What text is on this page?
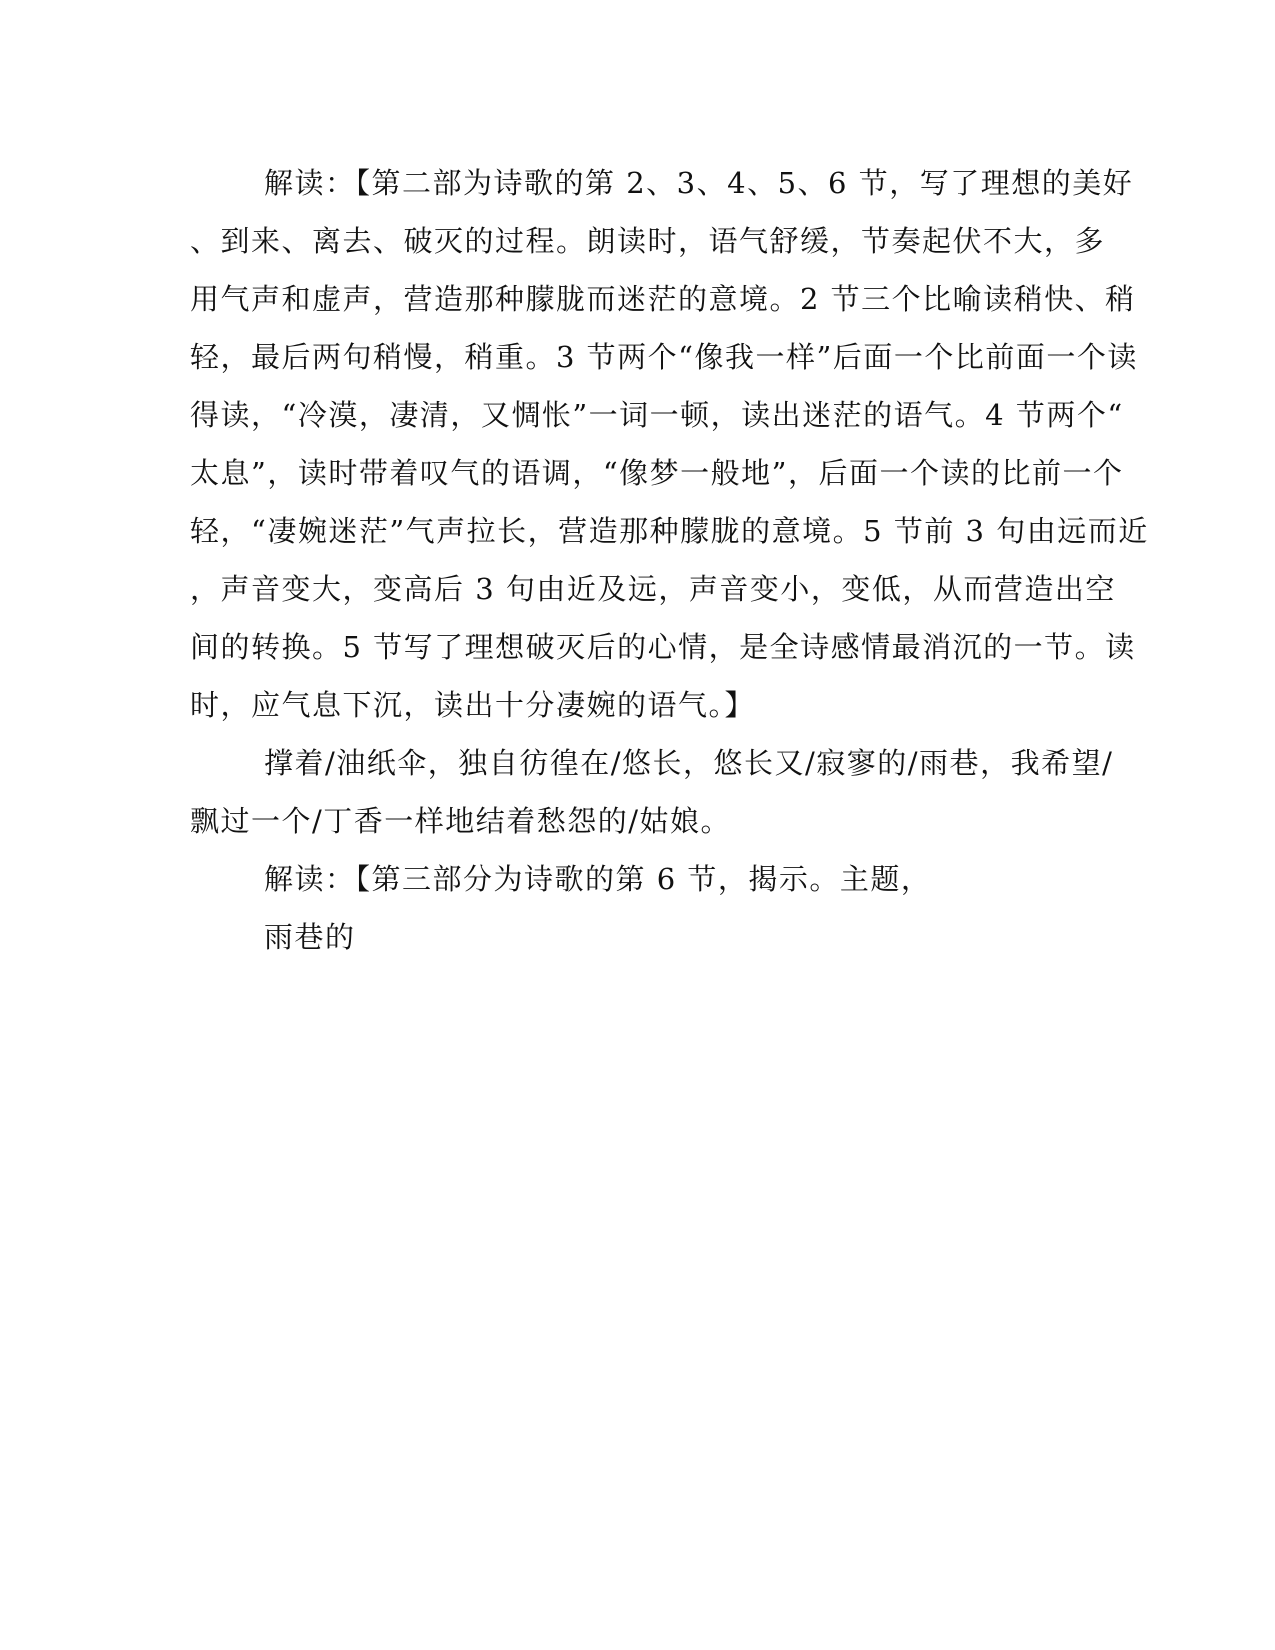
解读：【第二部为诗歌的第 2、3、4、5、6 节，写了理想的美好
、到来、离去、破灭的过程。朗读时，语气舒缓，节奏起伏不大，多
用气声和虚声，营造那种朦胧而迷茫的意境。2 节三个比喻读稍快、稍
轻，最后两句稍慢，稍重。3 节两个“像我一样”后面一个比前面一个读
得读，“冷漠，凄清，又惆怅”一词一顿，读出迷茫的语气。4 节两个“
太息”，读时带着叹气的语调，“像梦一般地”，后面一个读的比前一个
轻，“凄婉迷茫”气声拉长，营造那种朦胧的意境。5 节前 3 句由远而近
，声音变大，变高后 3 句由近及远，声音变小，变低，从而营造出空
间的转换。5 节写了理想破灭后的心情，是全诗感情最消沉的一节。读
时，应气息下沉，读出十分凄婉的语气。】
撑着/油纸伞，独自彷徨在/悠长，悠长又/寂寥的/雨巷，我希望/
飘过一个/丁香一样地结着愁怨的/姑娘。
解读：【第三部分为诗歌的第 6 节，揭示。主题，
雨巷的
